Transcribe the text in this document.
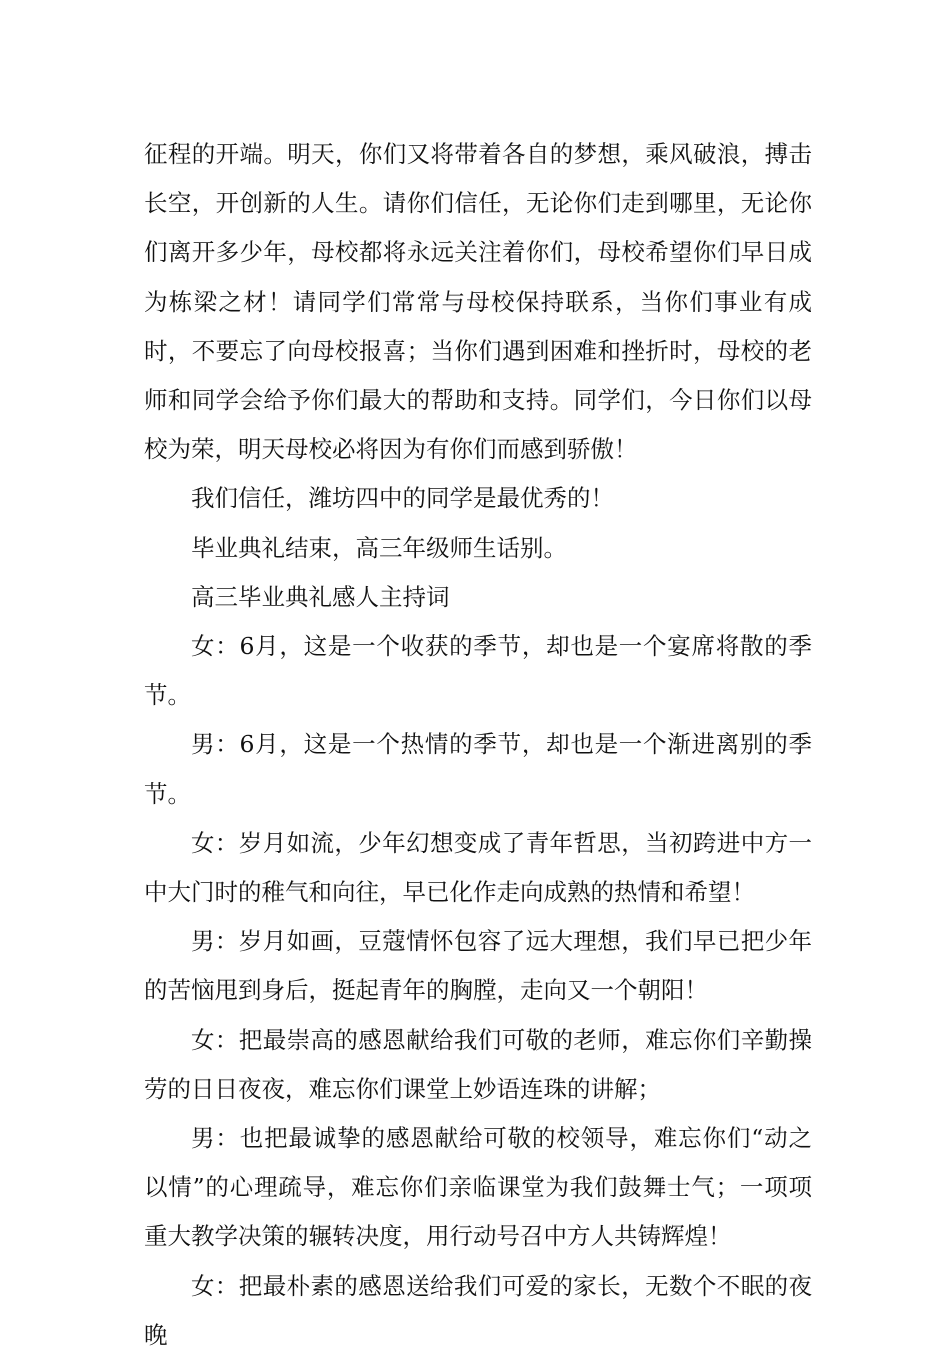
征程的开端。明天，你们又将带着各自的梦想，乘风破浪，搏击长空，开创新的人生。请你们信任，无论你们走到哪里，无论你们离开多少年，母校都将永远关注着你们，母校希望你们早日成为栋梁之材！请同学们常常与母校保持联系，当你们事业有成时，不要忘了向母校报喜；当你们遇到困难和挫折时，母校的老师和同学会给予你们最大的帮助和支持。同学们，今日你们以母校为荣，明天母校必将因为有你们而感到骄傲！

我们信任，潍坊四中的同学是最优秀的！

毕业典礼结束，高三年级师生话别。

高三毕业典礼感人主持词

女：6月，这是一个收获的季节，却也是一个宴席将散的季节。

男：6月，这是一个热情的季节，却也是一个渐进离别的季节。

女：岁月如流，少年幻想变成了青年哲思，当初跨进中方一中大门时的稚气和向往，早已化作走向成熟的热情和希望！

男：岁月如画，豆蔻情怀包容了远大理想，我们早已把少年的苦恼甩到身后，挺起青年的胸膛，走向又一个朝阳！

女：把最崇高的感恩献给我们可敬的老师，难忘你们辛勤操劳的日日夜夜，难忘你们课堂上妙语连珠的讲解；

男：也把最诚挚的感恩献给可敬的校领导，难忘你们“动之以情”的心理疏导，难忘你们亲临课堂为我们鼓舞士气；一项项重大教学决策的辗转决度，用行动号召中方人共铸辉煌！

女：把最朴素的感恩送给我们可爱的家长，无数个不眠的夜晚
